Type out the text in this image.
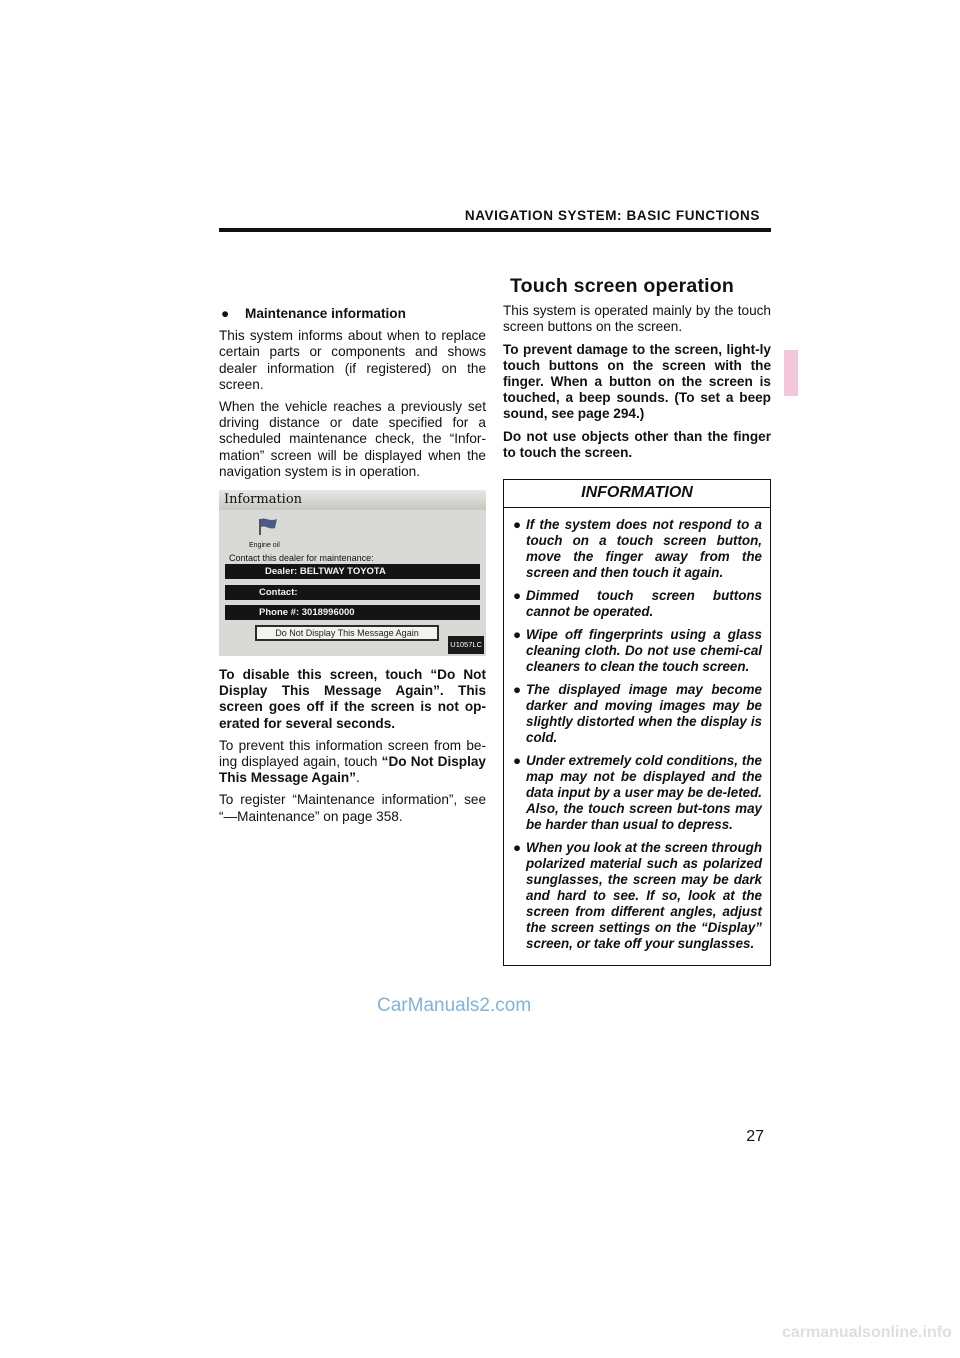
NAVIGATION SYSTEM: BASIC FUNCTIONS
● Maintenance information

This system informs about when to replace certain parts or components and shows dealer information (if registered) on the screen.

When the vehicle reaches a previously set driving distance or date specified for a scheduled maintenance check, the “Infor-mation” screen will be displayed when the navigation system is in operation.

Information
Engine oil
Contact this dealer for maintenance:
Dealer: BELTWAY TOYOTA
Contact:
Phone #: 3018996000
Do Not Display This Message Again
U1057LC

To disable this screen, touch “Do Not Display This Message Again”. This screen goes off if the screen is not op-erated for several seconds.

To prevent this information screen from be-ing displayed again, touch “Do Not Display This Message Again”.

To register “Maintenance information”, see “—Maintenance” on page 358.

Touch screen operation

This system is operated mainly by the touch screen buttons on the screen.

To prevent damage to the screen, light-ly touch buttons on the screen with the finger. When a button on the screen is touched, a beep sounds. (To set a beep sound, see page 294.)

Do not use objects other than the finger to touch the screen.

INFORMATION
● If the system does not respond to a touch on a touch screen button, move the finger away from the screen and then touch it again.
● Dimmed touch screen buttons cannot be operated.
● Wipe off fingerprints using a glass cleaning cloth. Do not use chemi-cal cleaners to clean the touch screen.
● The displayed image may become darker and moving images may be slightly distorted when the display is cold.
● Under extremely cold conditions, the map may not be displayed and the data input by a user may be de-leted. Also, the touch screen but-tons may be harder than usual to depress.
● When you look at the screen through polarized material such as polarized sunglasses, the screen may be dark and hard to see. If so, look at the screen from different angles, adjust the screen settings on the “Display” screen, or take off your sunglasses.
CarManuals2.com
27
carmanualsonline.info
